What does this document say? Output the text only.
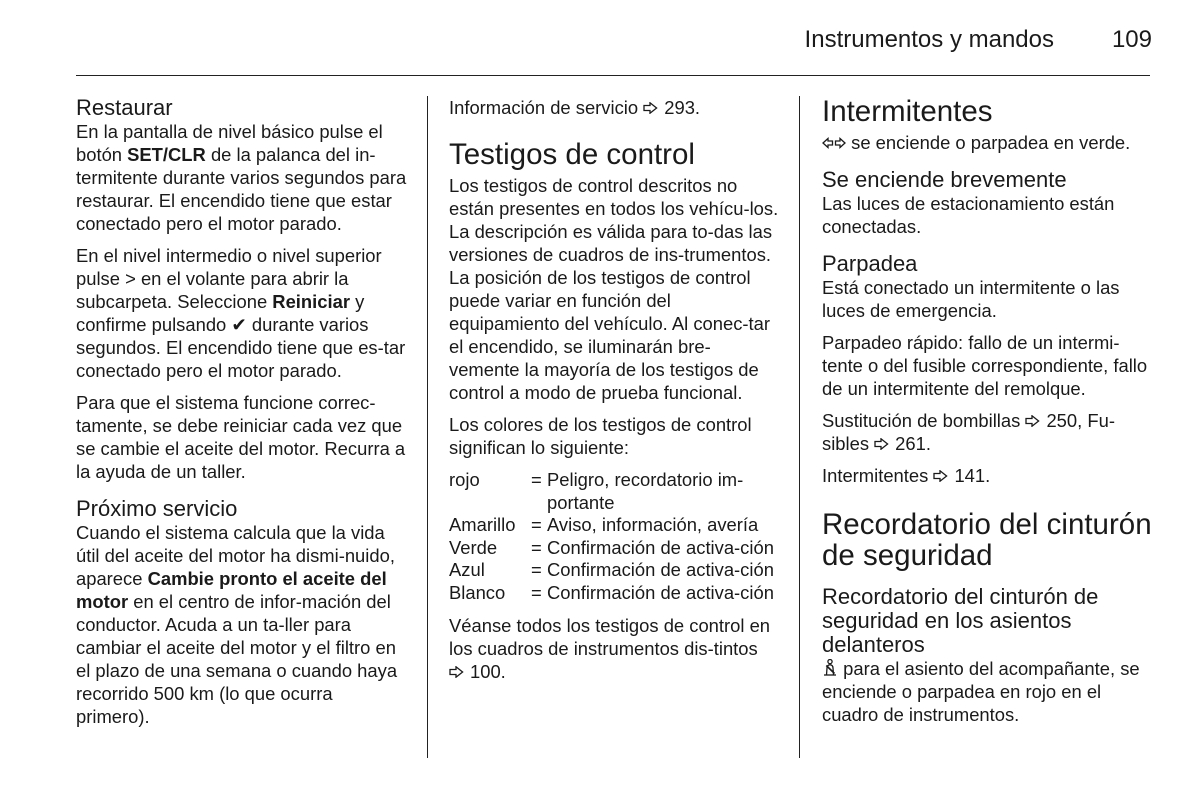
Instrumentos y mandos	109
Restaurar

En la pantalla de nivel básico pulse el botón SET/CLR de la palanca del in-termitente durante varios segundos para restaurar. El encendido tiene que estar conectado pero el motor parado.

En el nivel intermedio o nivel superior pulse > en el volante para abrir la subcarpeta. Seleccione Reiniciar y confirme pulsando ✔ durante varios segundos. El encendido tiene que es-tar conectado pero el motor parado.

Para que el sistema funcione correc-tamente, se debe reiniciar cada vez que se cambie el aceite del motor. Recurra a la ayuda de un taller.

Próximo servicio

Cuando el sistema calcula que la vida útil del aceite del motor ha dismi-nuido, aparece Cambie pronto el aceite del motor en el centro de infor-mación del conductor. Acuda a un ta-ller para cambiar el aceite del motor y el filtro en el plazo de una semana o cuando haya recorrido 500 km (lo que ocurra primero).

Información de servicio 293.

Testigos de control

Los testigos de control descritos no están presentes en todos los vehícu-los. La descripción es válida para to-das las versiones de cuadros de ins-trumentos. La posición de los testigos de control puede variar en función del equipamiento del vehículo. Al conec-tar el encendido, se iluminarán bre-vemente la mayoría de los testigos de control a modo de prueba funcional.

Los colores de los testigos de control significan lo siguiente:

rojo	=	Peligro, recordatorio im-portante
Amarillo	=	Aviso, información, avería
Verde	=	Confirmación de activa-ción
Azul	=	Confirmación de activa-ción
Blanco	=	Confirmación de activa-ción

Véanse todos los testigos de control en los cuadros de instrumentos dis-tintos 100.

Intermitentes

se enciende o parpadea en verde.

Se enciende brevemente

Las luces de estacionamiento están conectadas.

Parpadea

Está conectado un intermitente o las luces de emergencia.

Parpadeo rápido: fallo de un intermi-tente o del fusible correspondiente, fallo de un intermitente del remolque.

Sustitución de bombillas 250, Fu-sibles 261.

Intermitentes 141.

Recordatorio del cinturón de seguridad
Recordatorio del cinturón de seguridad en los asientos delanteros

para el asiento del acompañante, se enciende o parpadea en rojo en el cuadro de instrumentos.
